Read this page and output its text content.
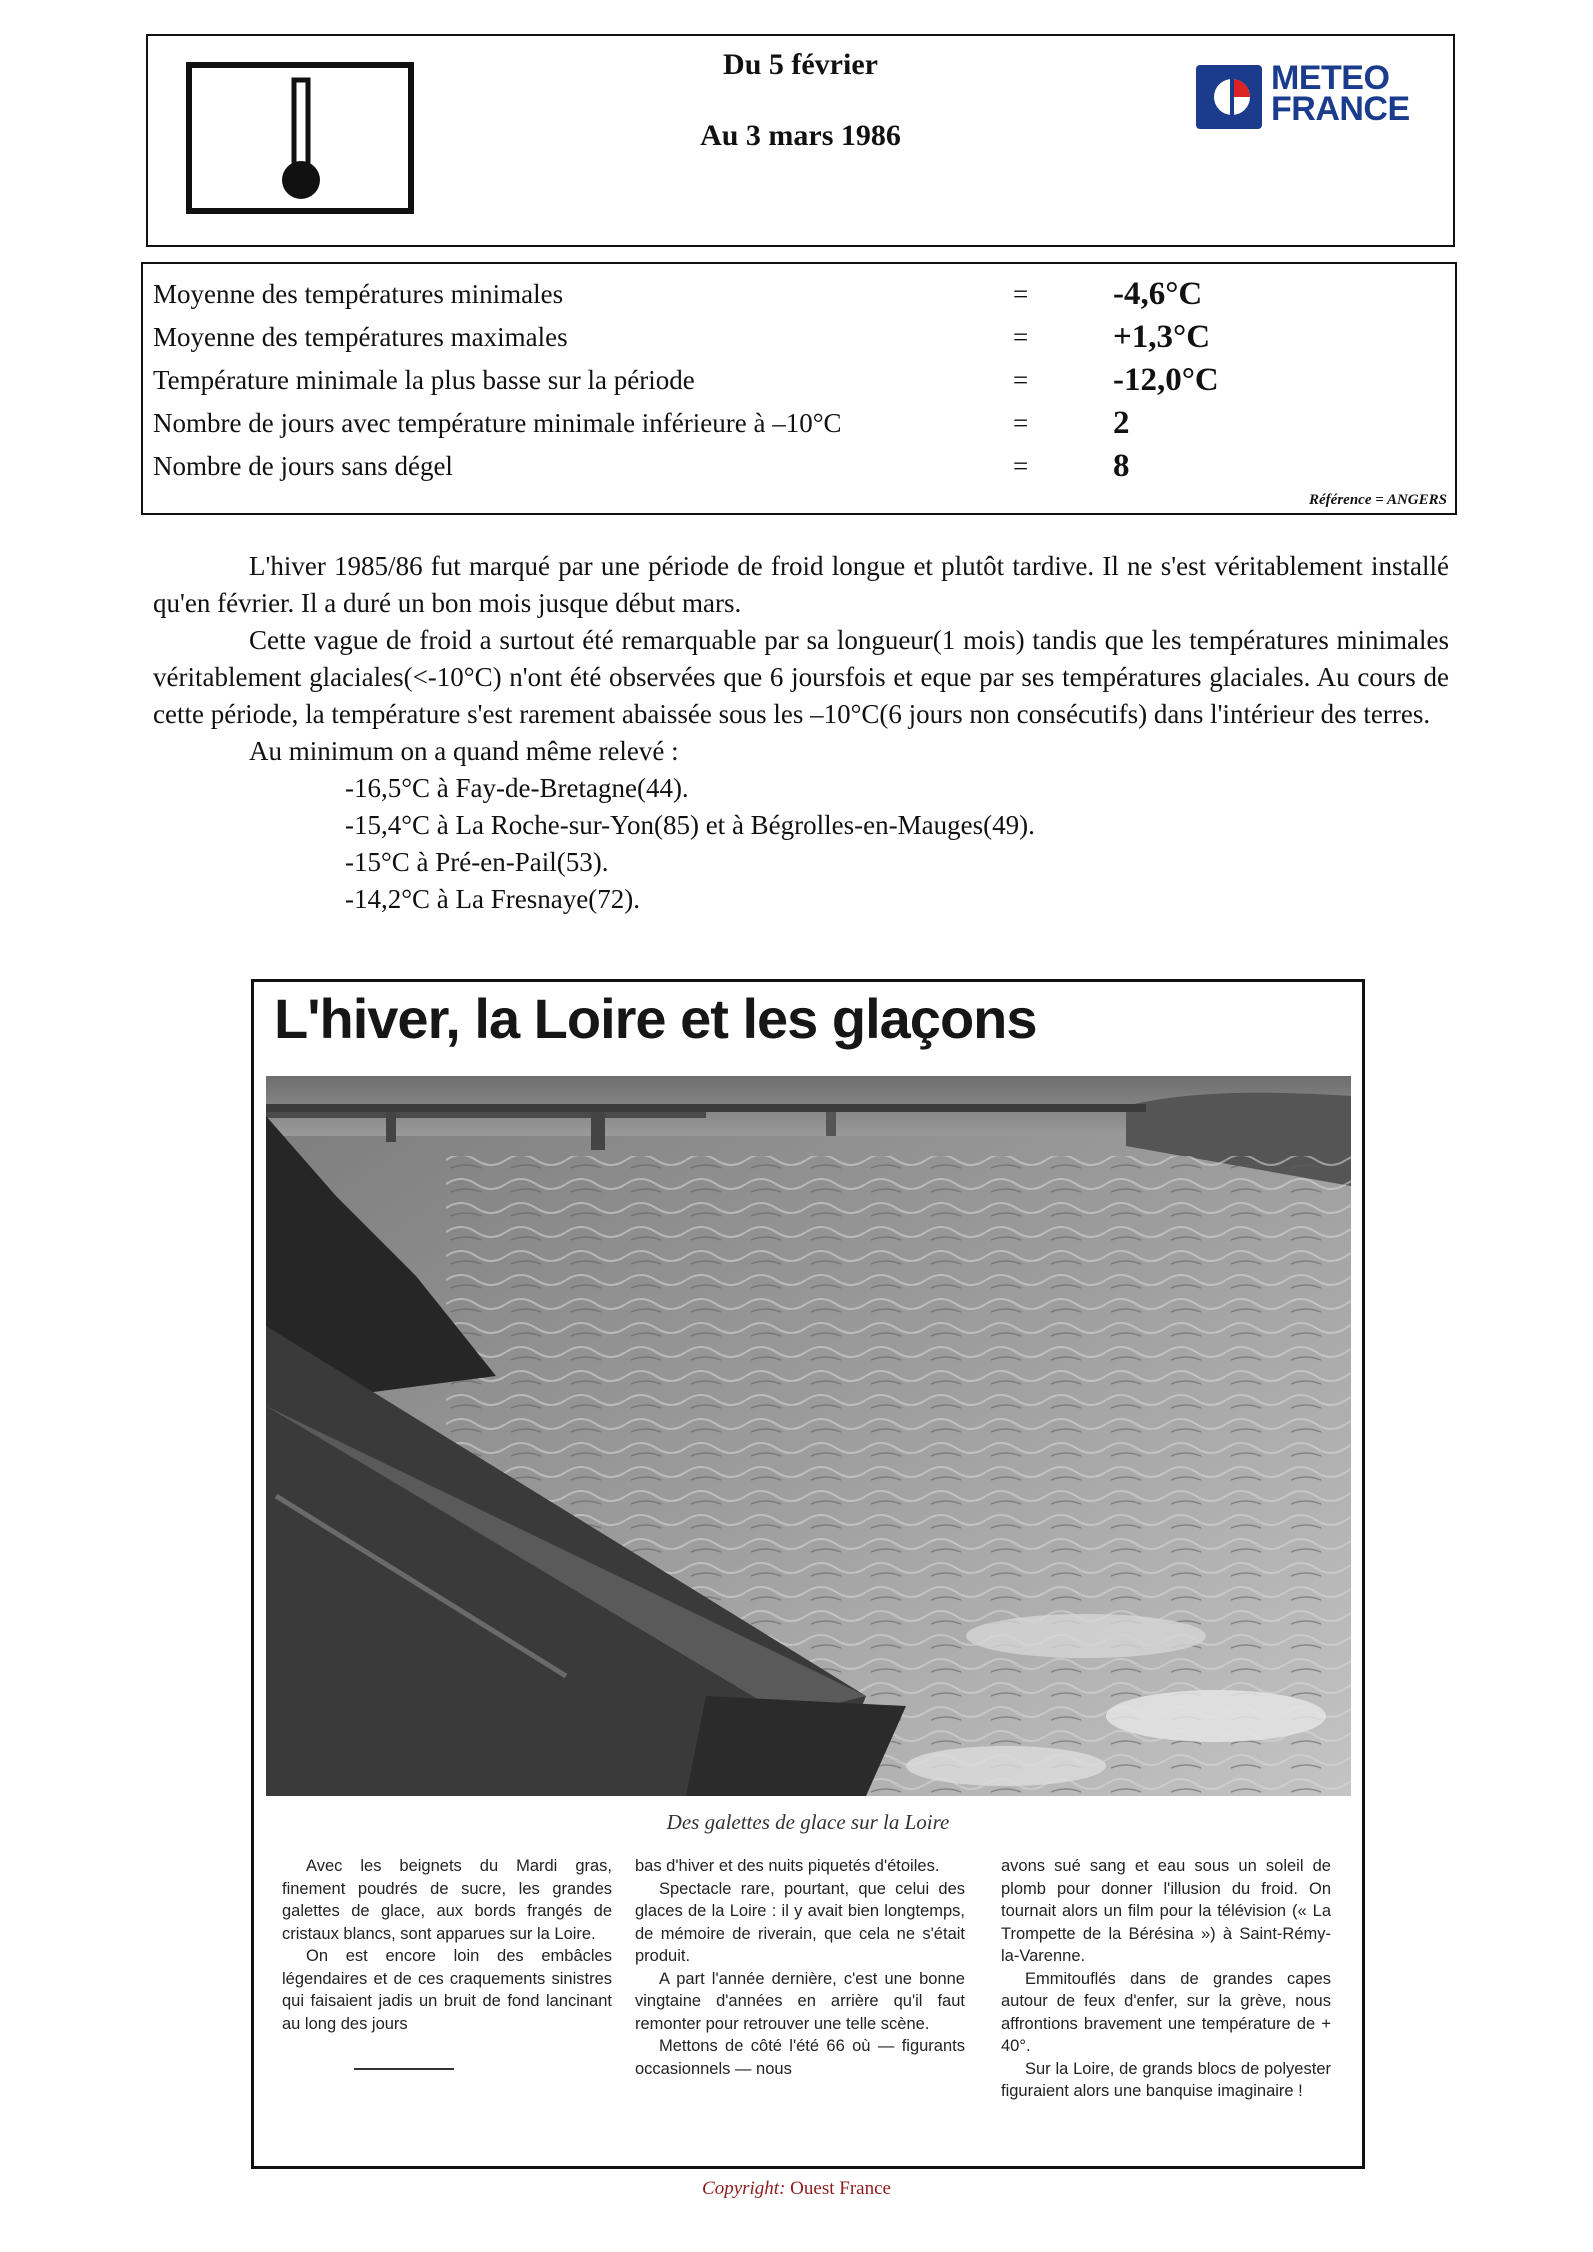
Du 5 février
Au 3 mars 1986
METEO
FRANCE
Moyenne des températures minimales	=	-4,6°C
Moyenne des températures maximales	=	+1,3°C
Température minimale la plus basse sur la période	=	-12,0°C
Nombre de jours avec température minimale inférieure à –10°C	=	2
Nombre de jours sans dégel	=	8
Référence = ANGERS

L'hiver 1985/86 fut marqué par une période de froid longue et plutôt tardive. Il ne s'est véritablement installé qu'en février. Il a duré un bon mois jusque début mars.

Cette vague de froid a surtout été remarquable par sa longueur(1 mois) tandis que les températures minimales véritablement glaciales(<-10°C) n'ont été observées que 6 joursfois et eque par ses températures glaciales. Au cours de cette période, la température s'est rarement abaissée sous les –10°C(6 jours non consécutifs) dans l'intérieur des terres.

Au minimum on a quand même relevé :
-16,5°C à Fay-de-Bretagne(44).
-15,4°C à La Roche-sur-Yon(85) et à Bégrolles-en-Mauges(49).
-15°C à Pré-en-Pail(53).
-14,2°C à La Fresnaye(72).
L'hiver, la Loire et les glaçons
Des galettes de glace sur la Loire

Avec les beignets du Mardi gras, finement poudrés de sucre, les grandes galettes de glace, aux bords frangés de cristaux blancs, sont apparues sur la Loire.

On est encore loin des embâcles légendaires et de ces craquements sinistres qui faisaient jadis un bruit de fond lancinant au long des jours

bas d'hiver et des nuits piquetés d'étoiles.

Spectacle rare, pourtant, que celui des glaces de la Loire : il y avait bien longtemps, de mémoire de riverain, que cela ne s'était produit.

A part l'année dernière, c'est une bonne vingtaine d'années en arrière qu'il faut remonter pour retrouver une telle scène.

Mettons de côté l'été 66 où — figurants occasionnels — nous

avons sué sang et eau sous un soleil de plomb pour donner l'illusion du froid. On tournait alors un film pour la télévision (« La Trompette de la Bérésina ») à Saint-Rémy-la-Varenne.

Emmitouflés dans de grandes capes autour de feux d'enfer, sur la grève, nous affrontions bravement une température de + 40°.

Sur la Loire, de grands blocs de polyester figuraient alors une banquise imaginaire !

Copyright: Ouest France
